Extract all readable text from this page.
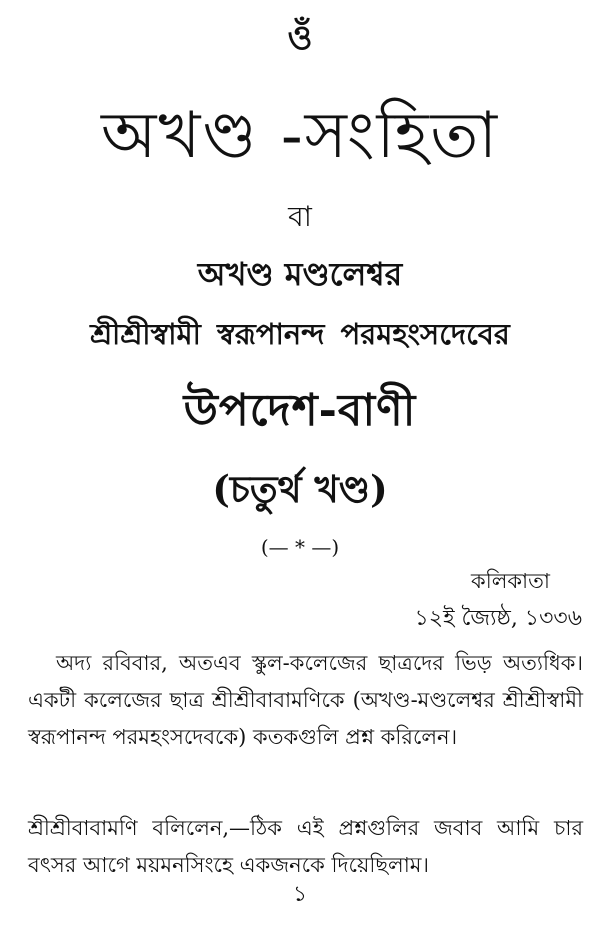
ওঁ
অখণ্ড -সংহিতা
বা
অখণ্ড মণ্ডলেশ্বর
শ্রীশ্রীস্বামী স্বরূপানন্দ পরমহংসদেবের
উপদেশ-বাণী
(চতুর্থ খণ্ড)
(— * —)
কলিকাতা
১২ই জ্যৈষ্ঠ, ১৩৩৬
অদ্য রবিবার, অতএব স্কুল-কলেজের ছাত্রদের ভিড় অত্যধিক। একটী কলেজের ছাত্র শ্রীশ্রীবাবামণিকে (অখণ্ড-মণ্ডলেশ্বর শ্রীশ্রীস্বামী স্বরূপানন্দ পরমহংসদেবকে) কতকগুলি প্রশ্ন করিলেন।
শ্রীশ্রীবাবামণি বলিলেন,—ঠিক এই প্রশ্নগুলির জবাব আমি চার বৎসর আগে ময়মনসিংহে একজনকে দিয়েছিলাম।
১
